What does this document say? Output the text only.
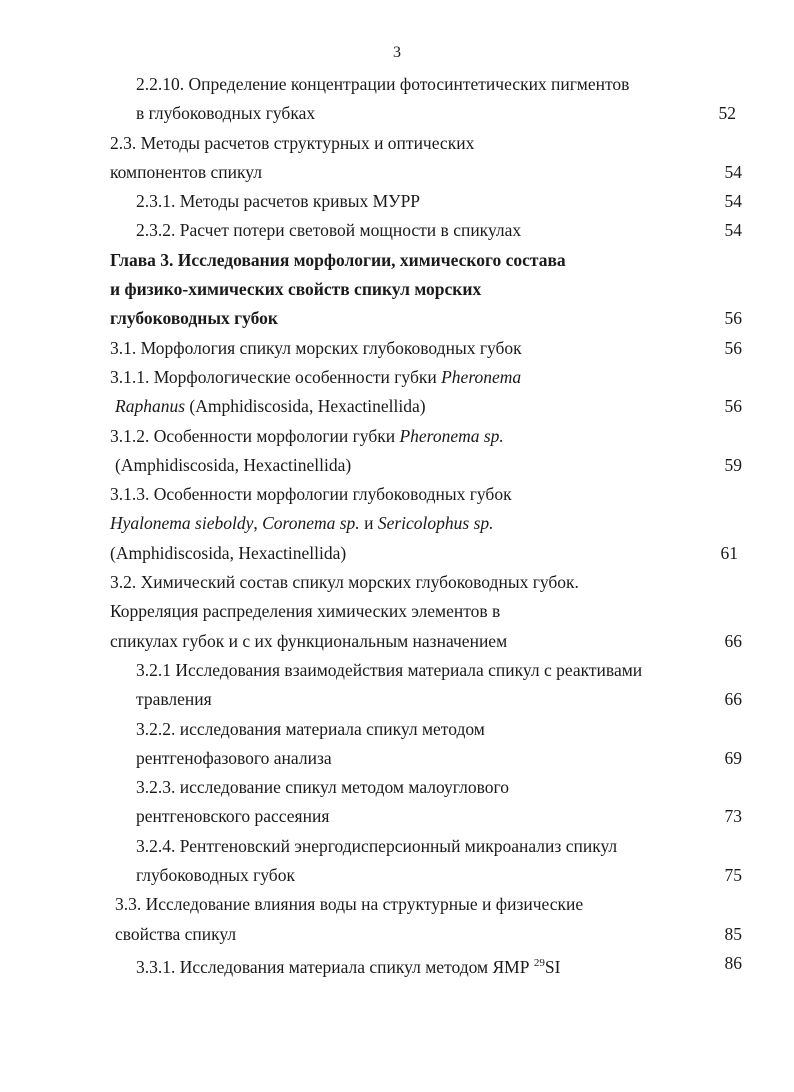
3
2.2.10. Определение концентрации фотосинтетических пигментов
в глубоководных губках	52
2.3. Методы расчетов структурных и оптических
компонентов спикул	54
2.3.1. Методы расчетов кривых МУРР	54
2.3.2. Расчет потери световой мощности в спикулах	54
Глава 3. Исследования морфологии, химического состава
и физико-химических свойств спикул морских
глубоководных губок	56
3.1. Морфология спикул морских глубоководных губок	56
3.1.1. Морфологические особенности губки Pheronema
Raphanus (Amphidiscosida, Hexactinellida)	56
3.1.2. Особенности морфологии губки Pheronema sp.
(Amphidiscosida, Hexactinellida)	59
3.1.3. Особенности морфологии глубоководных губок
Hyalonema sieboldy, Coronema sp. и Sericolophus sp.
(Amphidiscosida, Hexactinellida)	61
3.2. Химический состав спикул морских глубоководных губок.
Корреляция распределения химических элементов в
спикулах губок и с их функциональным назначением	66
3.2.1 Исследования взаимодействия материала спикул с реактивами
травления	66
3.2.2. исследования материала спикул методом
рентгенофазового анализа	69
3.2.3. исследование спикул методом малоуглового
рентгеновского рассеяния	73
3.2.4. Рентгеновский энергодисперсионный микроанализ спикул
глубоководных губок	75
3.3. Исследование влияния воды на структурные и физические
свойства спикул	85
3.3.1. Исследования материала спикул методом ЯМР $^{29}$SI	86
